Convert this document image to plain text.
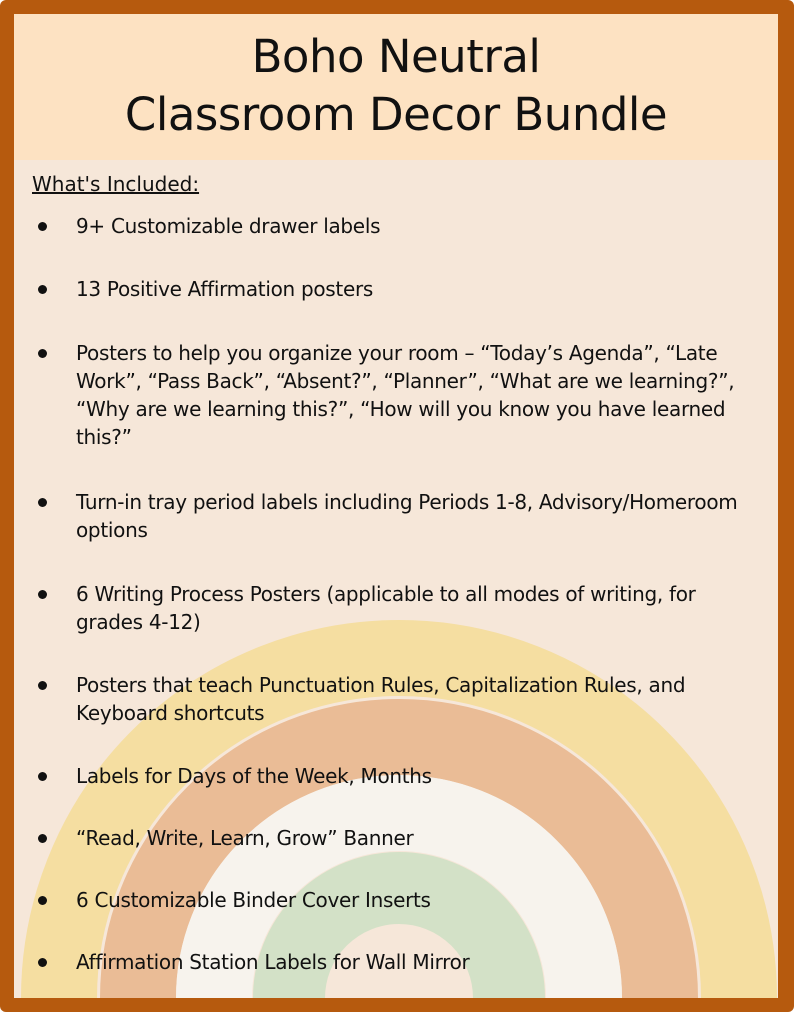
Boho Neutral
Classroom Decor Bundle
What's Included:
9+ Customizable drawer labels
13 Positive Affirmation posters
Posters to help you organize your room – “Today’s Agenda”, “Late Work”, “Pass Back”, “Absent?”, “Planner”, “What are we learning?”, “Why are we learning this?”, “How will you know you have learned this?”
Turn-in tray period labels including Periods 1-8, Advisory/Homeroom options
6 Writing Process Posters (applicable to all modes of writing, for grades 4-12)
Posters that teach Punctuation Rules, Capitalization Rules, and Keyboard shortcuts
Labels for Days of the Week, Months
“Read, Write, Learn, Grow” Banner
6 Customizable Binder Cover Inserts
Affirmation Station Labels for Wall Mirror
